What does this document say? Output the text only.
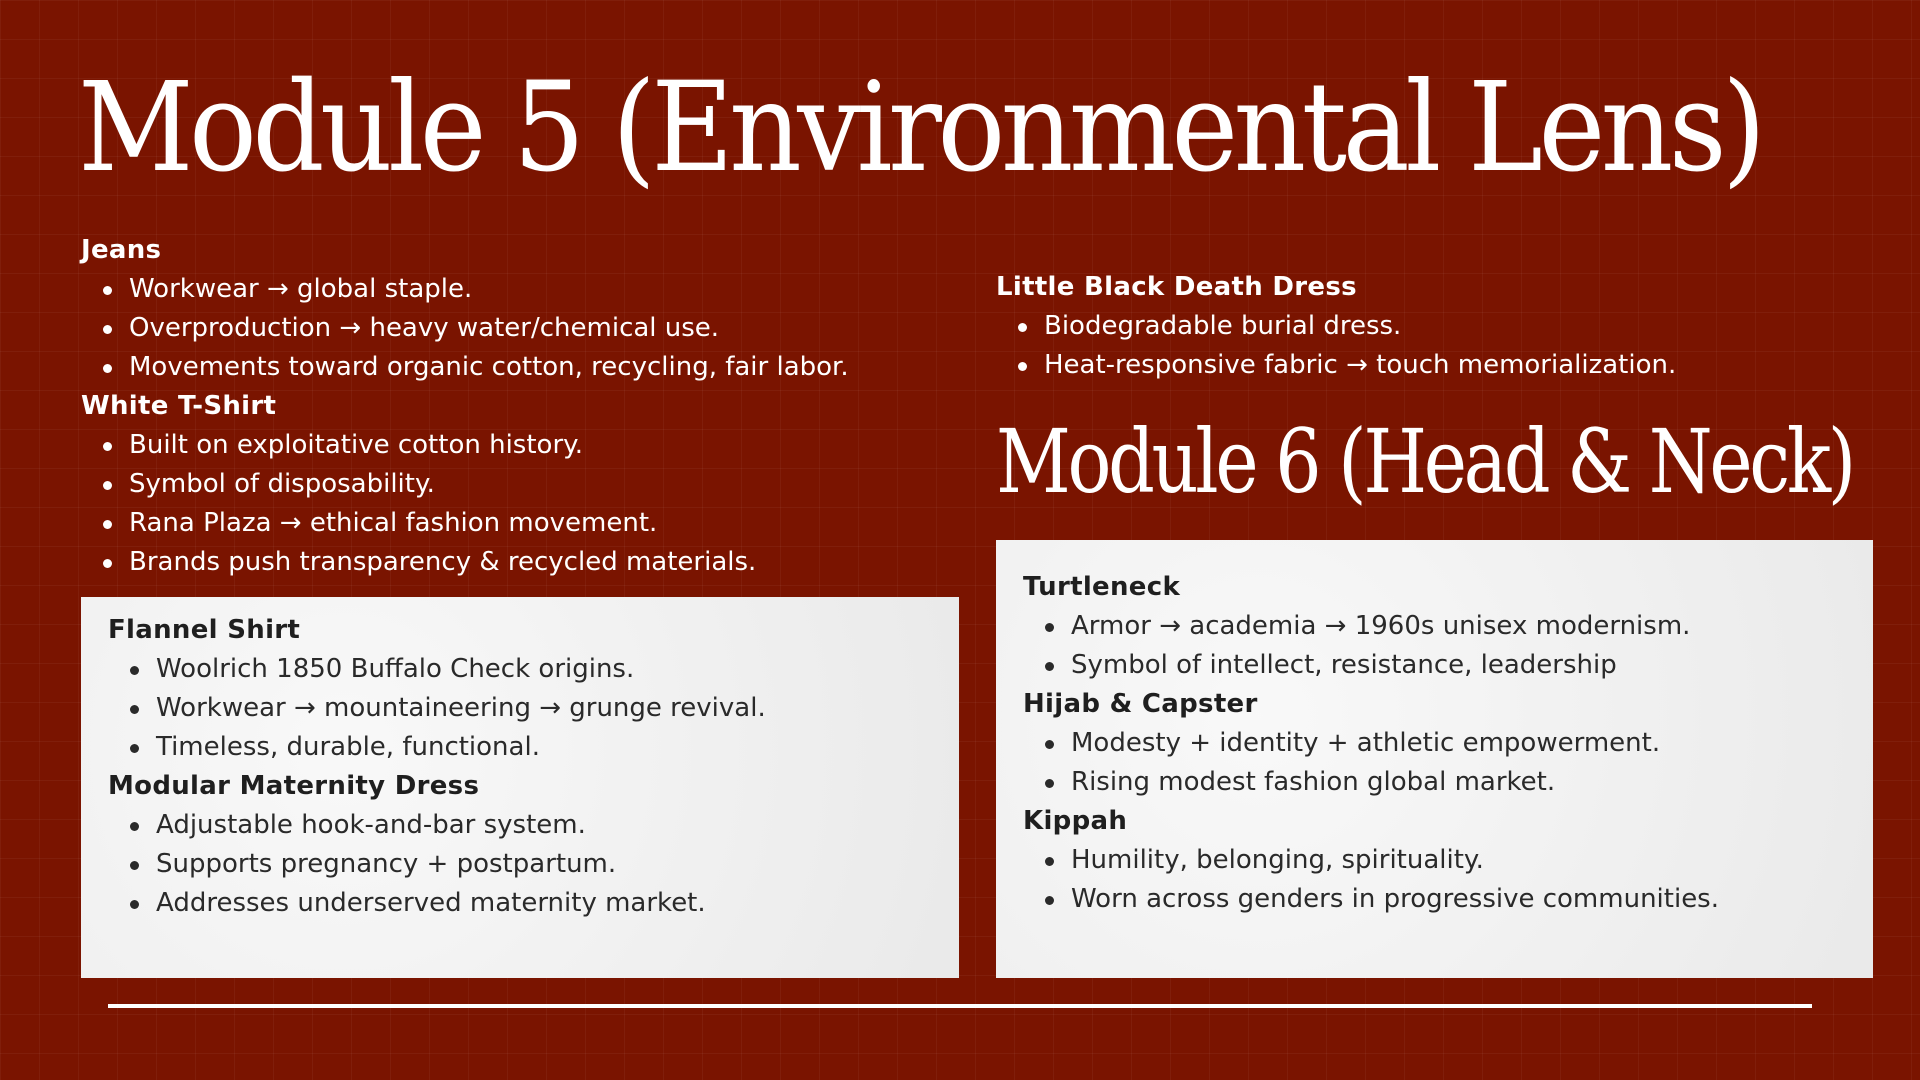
Module 5 (Environmental Lens)
Jeans
Workwear → global staple.
Overproduction → heavy water/chemical use.
Movements toward organic cotton, recycling, fair labor.
White T-Shirt
Built on exploitative cotton history.
Symbol of disposability.
Rana Plaza → ethical fashion movement.
Brands push transparency & recycled materials.
Flannel Shirt
Woolrich 1850 Buffalo Check origins.
Workwear → mountaineering → grunge revival.
Timeless, durable, functional.
Modular Maternity Dress
Adjustable hook-and-bar system.
Supports pregnancy + postpartum.
Addresses underserved maternity market.
Little Black Death Dress
Biodegradable burial dress.
Heat-responsive fabric → touch memorialization.
Module 6 (Head & Neck)
Turtleneck
Armor → academia → 1960s unisex modernism.
Symbol of intellect, resistance, leadership
Hijab & Capster
Modesty + identity + athletic empowerment.
Rising modest fashion global market.
Kippah
Humility, belonging, spirituality.
Worn across genders in progressive communities.
